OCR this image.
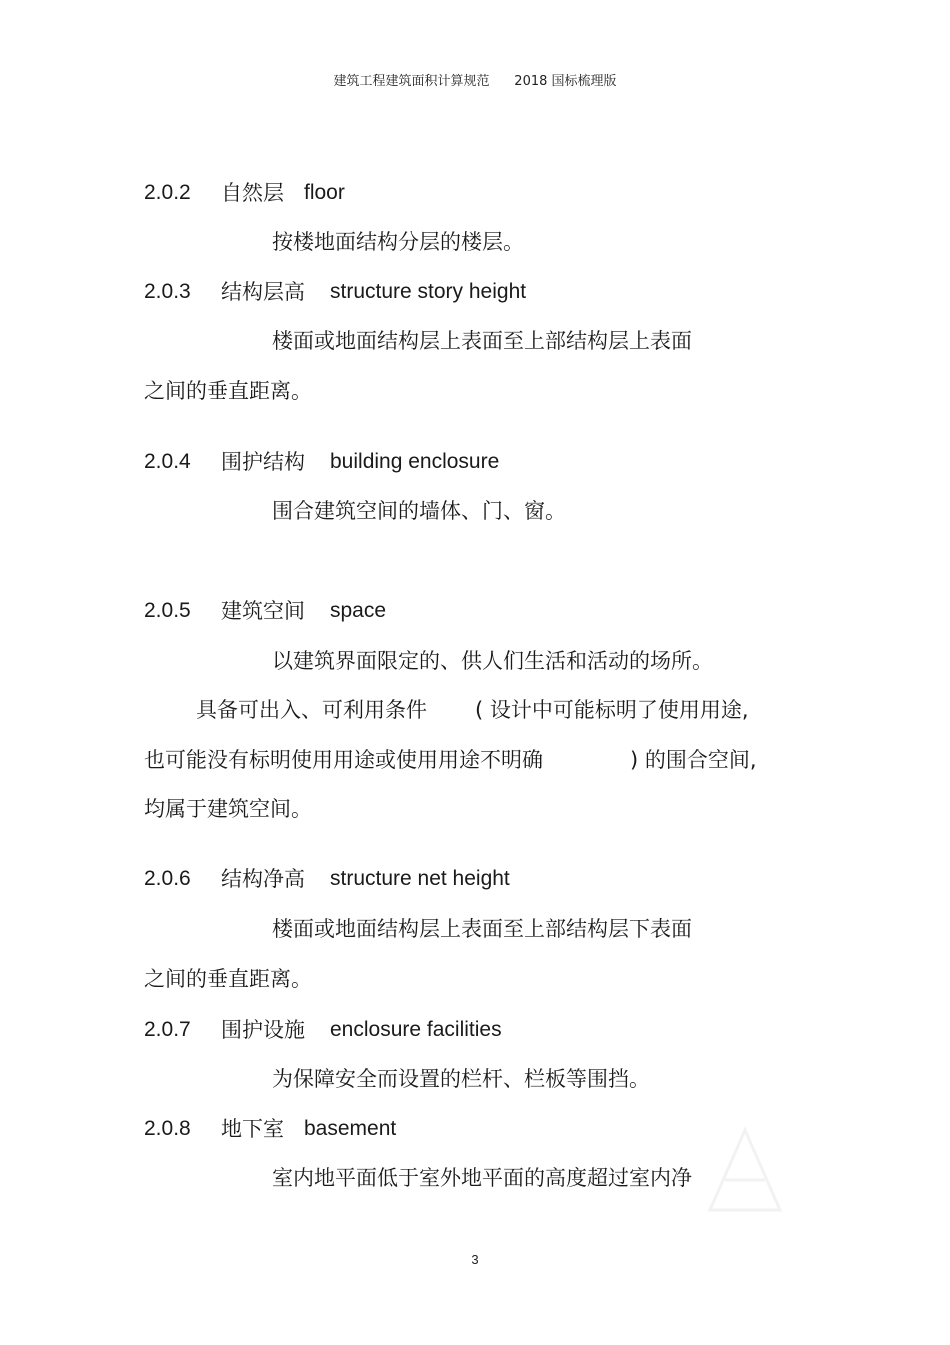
建筑工程建筑面积计算规范 2018 国标梳理版
2.0.2 自然层 floor
按楼地面结构分层的楼层。
2.0.3 结构层高 structure story height
楼面或地面结构层上表面至上部结构层上表面
之间的垂直距离。
2.0.4 围护结构 building enclosure
围合建筑空间的墙体、门、窗。
2.0.5 建筑空间 space
以建筑界面限定的、供人们生活和活动的场所。
具备可出入、可利用条件 ( 设计中可能标明了使用用途,
也可能没有标明使用用途或使用用途不明确	) 的围合空间,
均属于建筑空间。
2.0.6 结构净高 structure net height
楼面或地面结构层上表面至上部结构层下表面
之间的垂直距离。
2.0.7 围护设施 enclosure facilities
为保障安全而设置的栏杆、栏板等围挡。
2.0.8 地下室 basement
室内地平面低于室外地平面的高度超过室内净
3
